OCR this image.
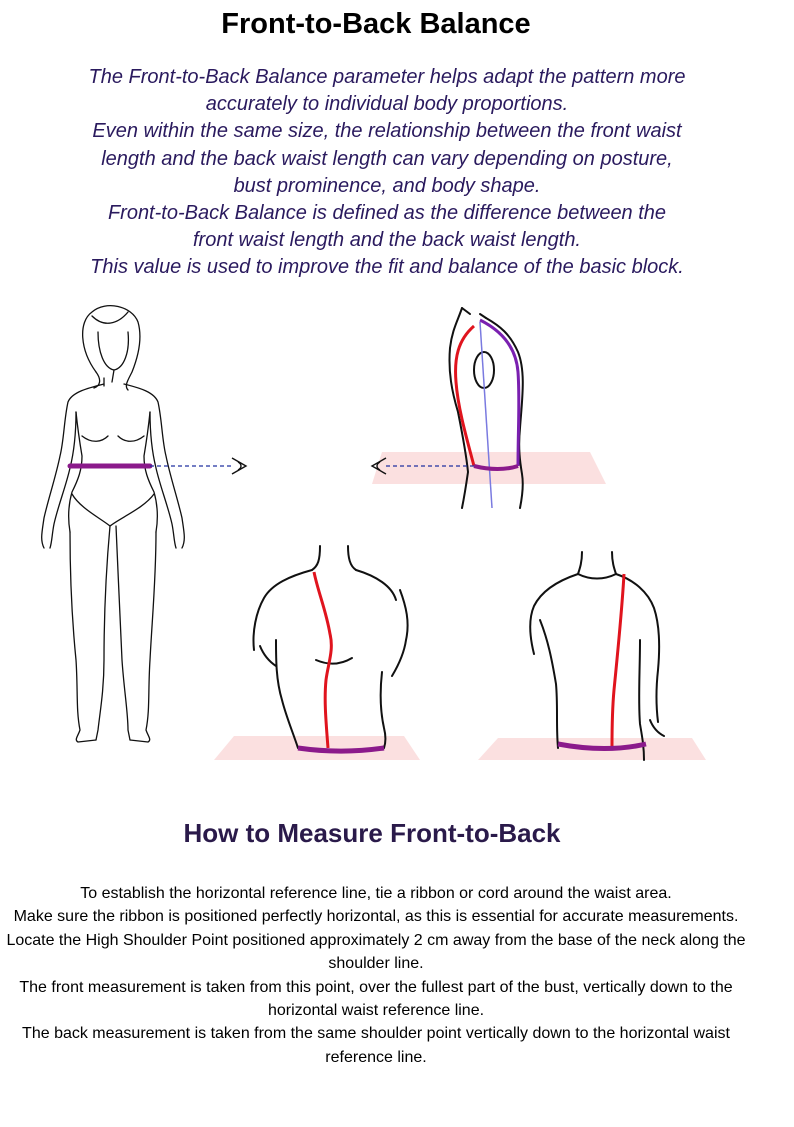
Front-to-Back Balance

The Front-to-Back Balance parameter helps adapt the pattern more

accurately to individual body proportions.

Even within the same size, the relationship between the front waist

length and the back waist length can vary depending on posture,

bust prominence, and body shape.

Front-to-Back Balance is defined as the difference between the

front waist length and the back waist length.

This value is used to improve the fit and balance of the basic block.

How to Measure Front-to-Back

To establish the horizontal reference line, tie a ribbon or cord around the waist area.

Make sure the ribbon is positioned perfectly horizontal, as this is essential for accurate measurements.

Locate the High Shoulder Point positioned approximately 2 cm away from the base of the neck along the

shoulder line.

The front measurement is taken from this point, over the fullest part of the bust, vertically down to the

horizontal waist reference line.

The back measurement is taken from the same shoulder point vertically down to the horizontal waist

reference line.
